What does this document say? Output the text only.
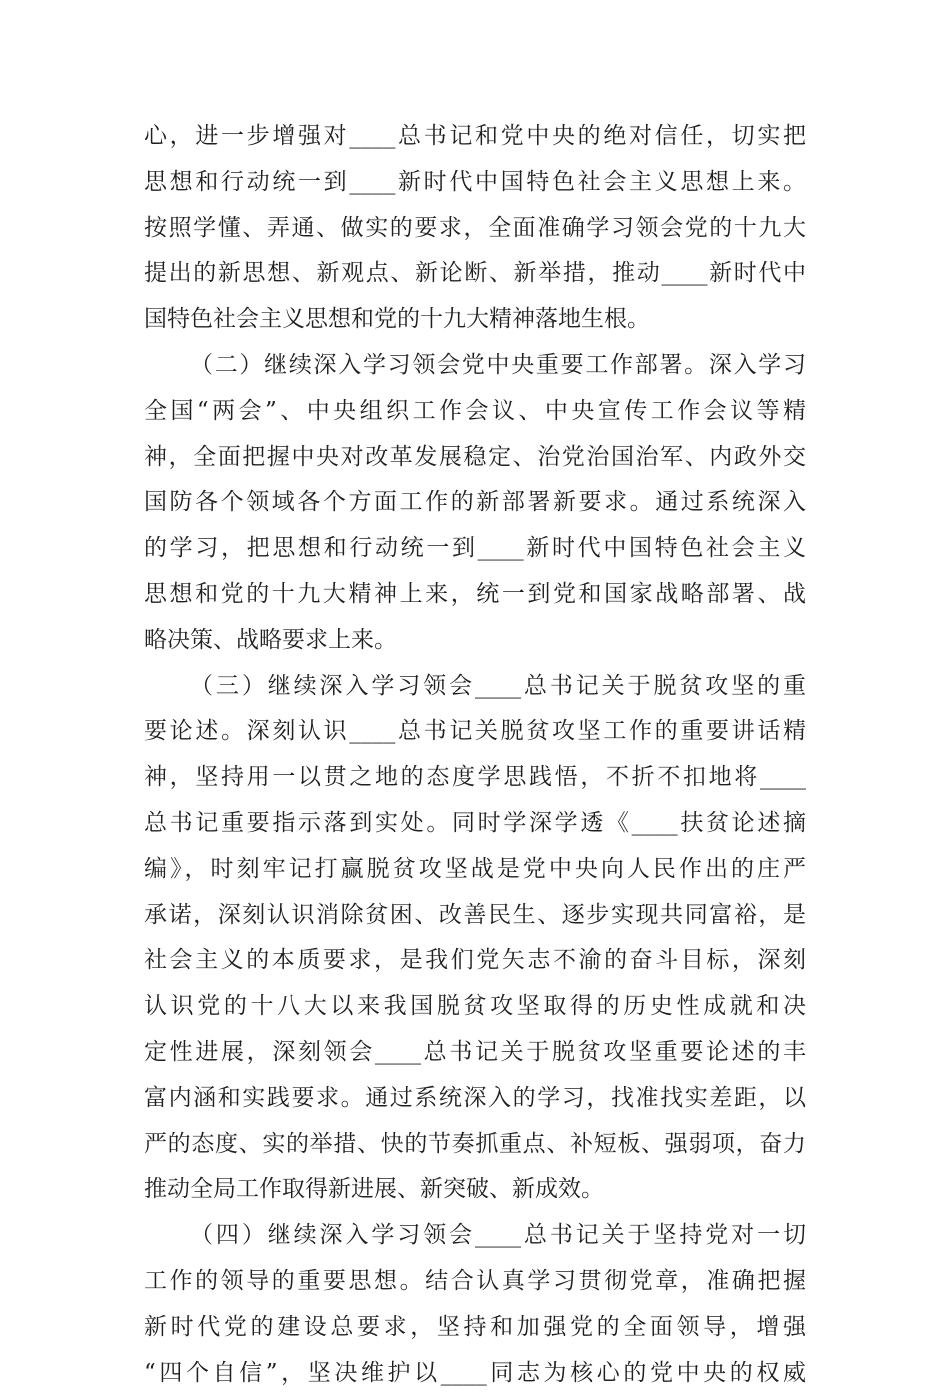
心，进一步增强对____总书记和党中央的绝对信任，切实把
思想和行动统一到____新时代中国特色社会主义思想上来。
按照学懂、弄通、做实的要求，全面准确学习领会党的十九大
提出的新思想、新观点、新论断、新举措，推动____新时代中
国特色社会主义思想和党的十九大精神落地生根。
（二）继续深入学习领会党中央重要工作部署。深入学习
全国“两会”、中央组织工作会议、中央宣传工作会议等精
神，全面把握中央对改革发展稳定、治党治国治军、内政外交
国防各个领域各个方面工作的新部署新要求。通过系统深入
的学习，把思想和行动统一到____新时代中国特色社会主义
思想和党的十九大精神上来，统一到党和国家战略部署、战
略决策、战略要求上来。
（三）继续深入学习领会____总书记关于脱贫攻坚的重
要论述。深刻认识____总书记关脱贫攻坚工作的重要讲话精
神，坚持用一以贯之地的态度学思践悟，不折不扣地将____
总书记重要指示落到实处。同时学深学透《____扶贫论述摘
编》，时刻牢记打赢脱贫攻坚战是党中央向人民作出的庄严
承诺，深刻认识消除贫困、改善民生、逐步实现共同富裕，是
社会主义的本质要求，是我们党矢志不渝的奋斗目标，深刻
认识党的十八大以来我国脱贫攻坚取得的历史性成就和决
定性进展，深刻领会____总书记关于脱贫攻坚重要论述的丰
富内涵和实践要求。通过系统深入的学习，找准找实差距，以
严的态度、实的举措、快的节奏抓重点、补短板、强弱项，奋力
推动全局工作取得新进展、新突破、新成效。
（四）继续深入学习领会____总书记关于坚持党对一切
工作的领导的重要思想。结合认真学习贯彻党章，准确把握
新时代党的建设总要求，坚持和加强党的全面领导，增强
“四个自信”，坚决维护以____同志为核心的党中央的权威
